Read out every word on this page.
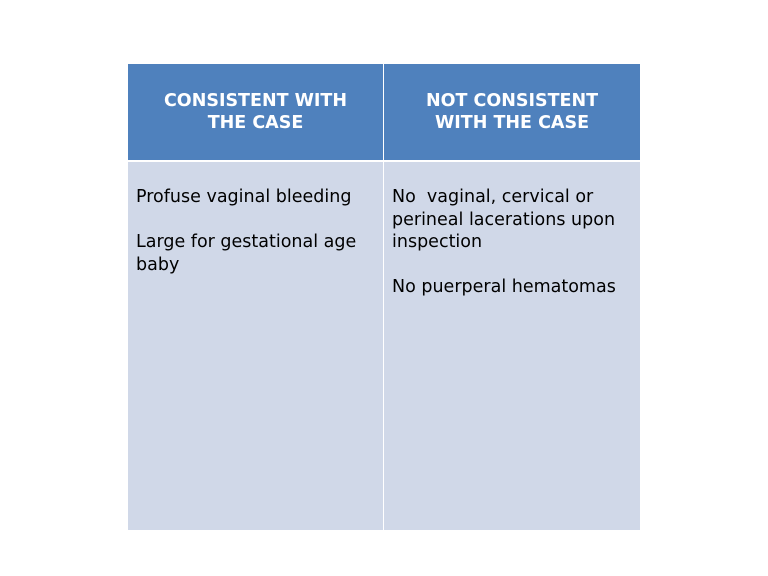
CONSISTENT WITH THE CASE
NOT CONSISTENT WITH THE CASE

Profuse vaginal bleeding

Large for gestational age baby

No  vaginal, cervical or perineal lacerations upon inspection

No puerperal hematomas
